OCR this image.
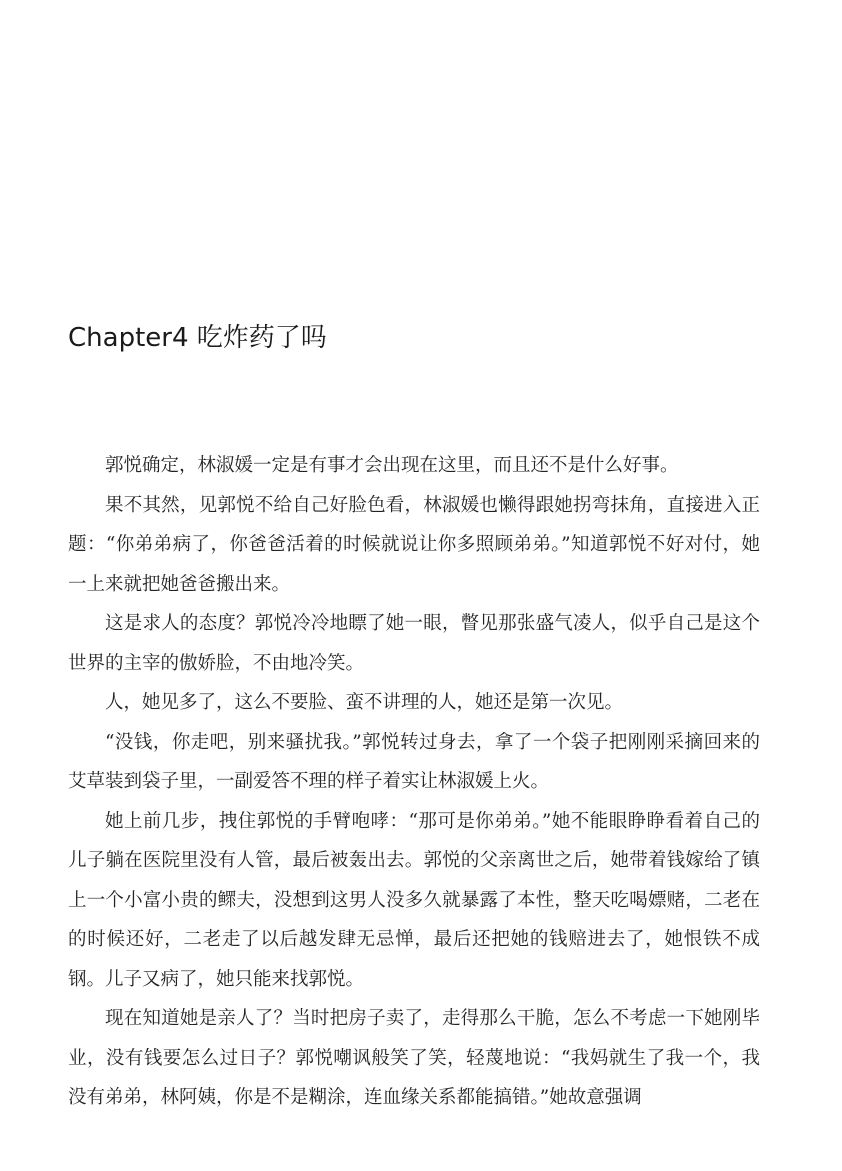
Chapter4 吃炸药了吗

郭悦确定，林淑媛一定是有事才会出现在这里，而且还不是什么好事。

果不其然，见郭悦不给自己好脸色看，林淑媛也懒得跟她拐弯抹角，直接进入正题：“你弟弟病了，你爸爸活着的时候就说让你多照顾弟弟。”知道郭悦不好对付，她一上来就把她爸爸搬出来。

这是求人的态度？郭悦冷冷地瞟了她一眼，瞥见那张盛气凌人，似乎自己是这个世界的主宰的傲娇脸，不由地冷笑。

人，她见多了，这么不要脸、蛮不讲理的人，她还是第一次见。

“没钱，你走吧，别来骚扰我。”郭悦转过身去，拿了一个袋子把刚刚采摘回来的艾草装到袋子里，一副爱答不理的样子着实让林淑媛上火。

她上前几步，拽住郭悦的手臂咆哮：“那可是你弟弟。”她不能眼睁睁看着自己的儿子躺在医院里没有人管，最后被轰出去。郭悦的父亲离世之后，她带着钱嫁给了镇上一个小富小贵的鳏夫，没想到这男人没多久就暴露了本性，整天吃喝嫖赌，二老在的时候还好，二老走了以后越发肆无忌惮，最后还把她的钱赔进去了，她恨铁不成钢。儿子又病了，她只能来找郭悦。

现在知道她是亲人了？当时把房子卖了，走得那么干脆，怎么不考虑一下她刚毕业，没有钱要怎么过日子？郭悦嘲讽般笑了笑，轻蔑地说：“我妈就生了我一个，我没有弟弟，林阿姨，你是不是糊涂，连血缘关系都能搞错。”她故意强调
